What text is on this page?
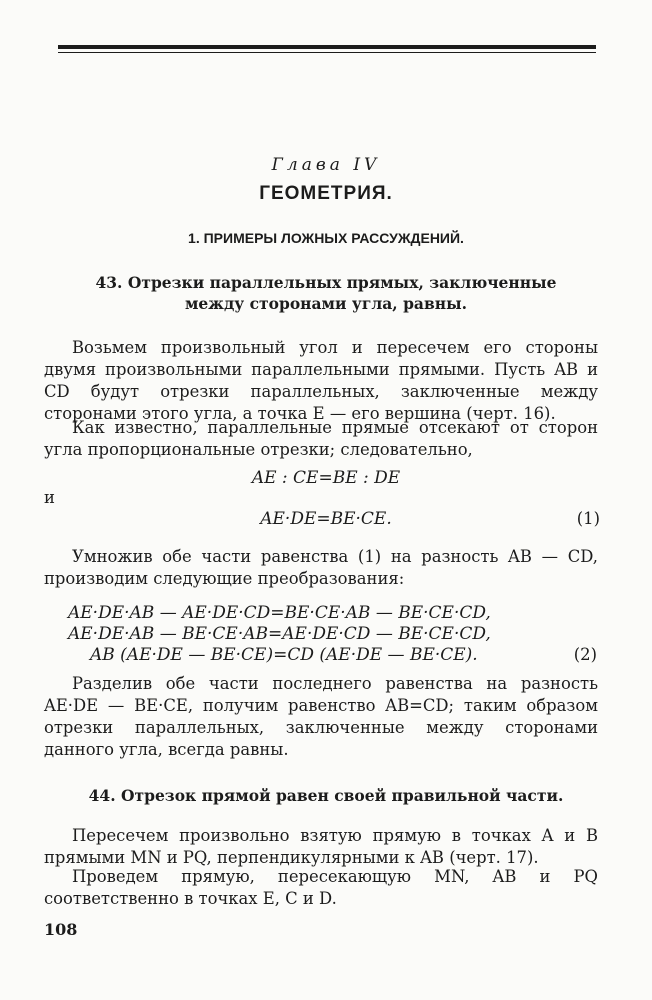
Глава IV
ГЕОМЕТРИЯ.
1. ПРИМЕРЫ ЛОЖНЫХ РАССУЖДЕНИЙ.
43. Отрезки параллельных прямых, заключенные
между сторонами угла, равны.
Возьмем произвольный угол и пересечем его стороны двумя произвольными параллельными прямыми. Пусть AB и CD будут отрезки параллельных, заключенные между сторонами этого угла, а точка E — его вершина (черт. 16).
Как известно, параллельные прямые отсекают от сторон угла пропорциональные отрезки; следовательно,
AE : CE=BE : DE
и
AE·DE=BE·CE.	(1)
Умножив обе части равенства (1) на разность AB — CD, производим следующие преобразования:
AE·DE·AB — AE·DE·CD=BE·CE·AB — BE·CE·CD,
AE·DE·AB — BE·CE·AB=AE·DE·CD — BE·CE·CD,
AB (AE·DE — BE·CE)=CD (AE·DE — BE·CE).	(2)
Разделив обе части последнего равенства на разность AE·DE — BE·CE, получим равенство AB=CD; таким образом отрезки параллельных, заключенные между сторонами данного угла, всегда равны.
44. Отрезок прямой равен своей правильной части.
Пересечем произвольно взятую прямую в точках A и B прямыми MN и PQ, перпендикулярными к AB (черт. 17).
Проведем прямую, пересекающую MN, AB и PQ соответственно в точках E, C и D.
108
